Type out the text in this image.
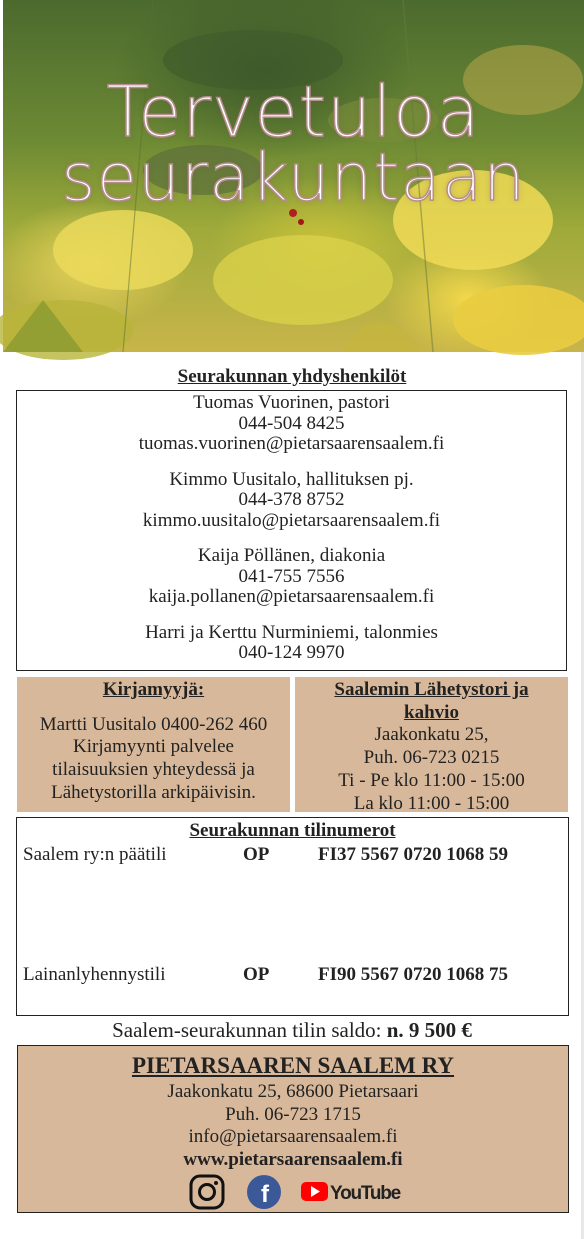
Tervetuloa
seurakuntaan
Seurakunnan yhdyshenkilöt
Tuomas Vuorinen, pastori
044-504 8425
tuomas.vuorinen@pietarsaarensaalem.fi
Kimmo Uusitalo, hallituksen pj.
044-378 8752
kimmo.uusitalo@pietarsaarensaalem.fi
Kaija Pöllänen, diakonia
041-755 7556
kaija.pollanen@pietarsaarensaalem.fi
Harri ja Kerttu Nurminiemi, talonmies
040-124 9970
Kirjamyyjä:
Martti Uusitalo 0400-262 460
Kirjamyynti palvelee
tilaisuuksien yhteydessä ja
Lähetystorilla arkipäivisin.
Saalemin Lähetystori ja
kahvio
Jaakonkatu 25,
Puh. 06-723 0215
Ti - Pe klo 11:00 - 15:00
La klo 11:00 - 15:00
Seurakunnan tilinumerot
Saalem ry:n päätili	OP	FI37 5567 0720 1068 59
Lainanlyhennystili	OP	FI90 5567 0720 1068 75
Saalem-seurakunnan tilin saldo: n. 9 500 €
PIETARSAAREN SAALEM RY
Jaakonkatu 25, 68600 Pietarsaari
Puh. 06-723 1715
info@pietarsaarensaalem.fi
www.pietarsaarensaalem.fi
f	YouTube
